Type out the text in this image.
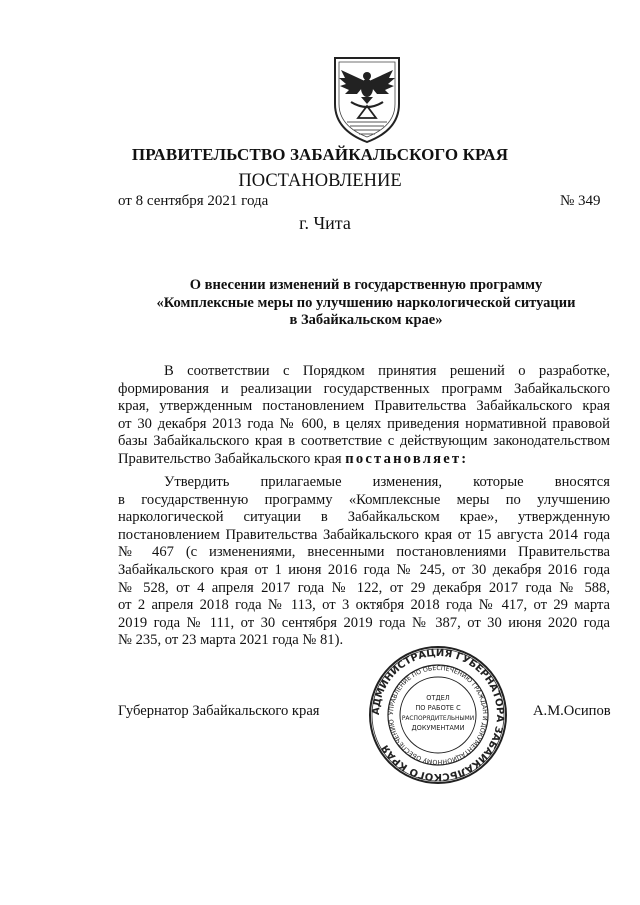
ПРАВИТЕЛЬСТВО ЗАБАЙКАЛЬСКОГО КРАЯ
ПОСТАНОВЛЕНИЕ
от 8 сентября 2021 года	№ 349
г. Чита
О внесении изменений в государственную программу
«Комплексные меры по улучшению наркологической ситуации
в Забайкальском крае»
В соответствии с Порядком принятия решений о разработке,
формирования и реализации государственных программ Забайкальского
края, утвержденным постановлением Правительства Забайкальского края
от 30 декабря 2013 года № 600, в целях приведения нормативной правовой
базы Забайкальского края в соответствие с действующим законодательством
Правительство Забайкальского края постановляет:
Утвердить прилагаемые изменения, которые вносятся
в государственную программу «Комплексные меры по улучшению
наркологической ситуации в Забайкальском крае», утвержденную
постановлением Правительства Забайкальского края от 15 августа 2014 года
№ 467 (с изменениями, внесенными постановлениями Правительства
Забайкальского края от 1 июня 2016 года № 245, от 30 декабря 2016 года
№ 528, от 4 апреля 2017 года № 122, от 29 декабря 2017 года № 588,
от 2 апреля 2018 года № 113, от 3 октября 2018 года № 417, от 29 марта
2019 года № 111, от 30 сентября 2019 года № 387, от 30 июня 2020 года
№ 235, от 23 марта 2021 года № 81).
Губернатор Забайкальского края	А.М.Осипов
АДМИНИСТРАЦИЯ ГУБЕРНАТОРА ЗАБАЙКАЛЬСКОГО КРАЯ
УПРАВЛЕНИЕ ПО ОБЕСПЕЧЕНИЮ ГРАЖДАН И ДОКУМЕНТАЦИОННОМУ ОБЕСПЕЧЕНИЮ
ОТДЕЛ
ПО РАБОТЕ С
РАСПОРЯДИТЕЛЬНЫМИ
ДОКУМЕНТАМИ
